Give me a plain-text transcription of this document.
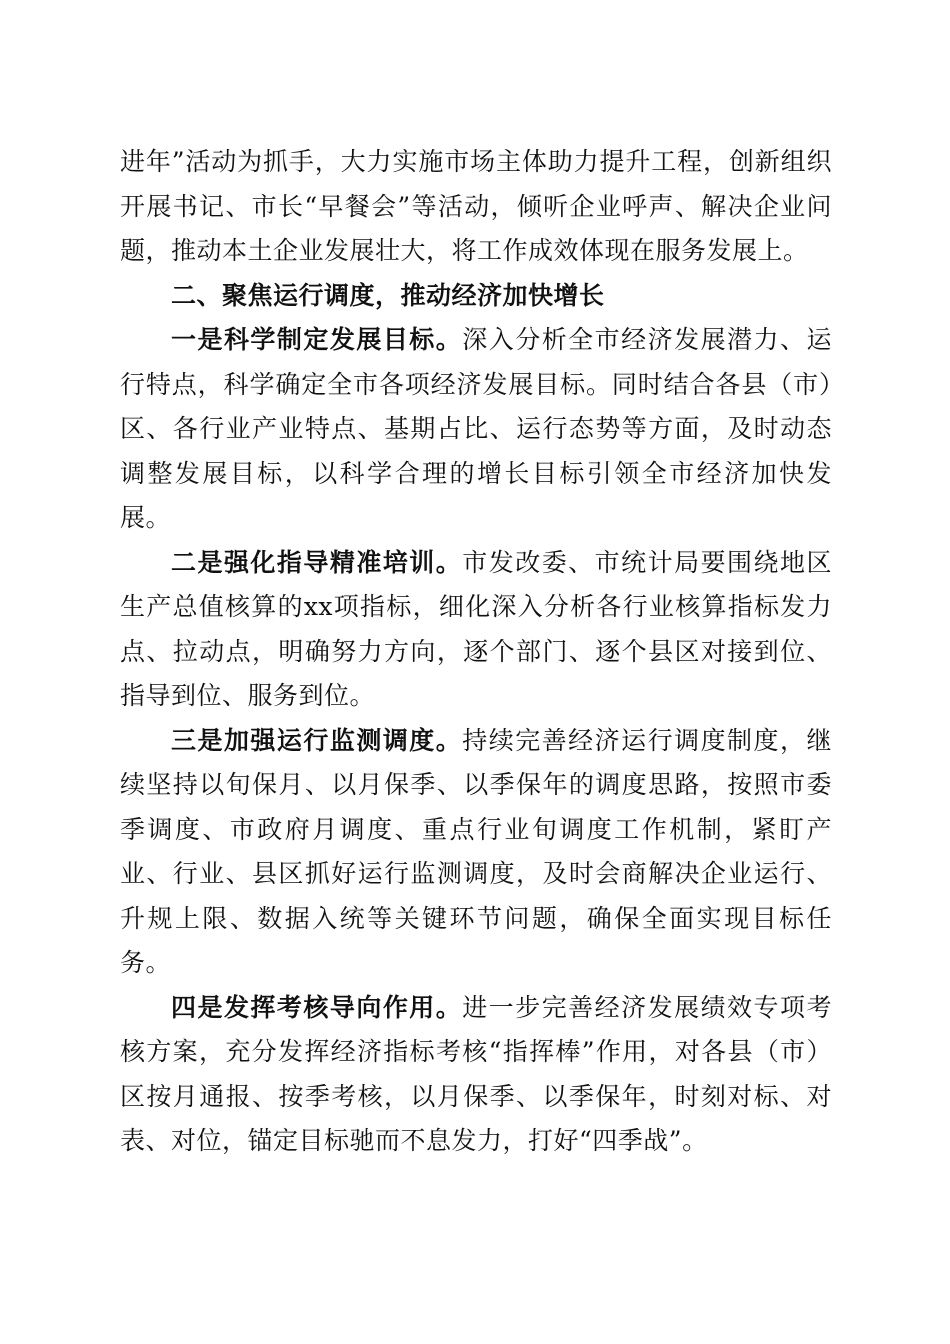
进年”活动为抓手，大力实施市场主体助力提升工程，创新组织开展书记、市长“早餐会”等活动，倾听企业呼声、解决企业问题，推动本土企业发展壮大，将工作成效体现在服务发展上。

二、聚焦运行调度，推动经济加快增长

一是科学制定发展目标。深入分析全市经济发展潜力、运行特点，科学确定全市各项经济发展目标。同时结合各县（市）区、各行业产业特点、基期占比、运行态势等方面，及时动态调整发展目标，以科学合理的增长目标引领全市经济加快发展。

二是强化指导精准培训。市发改委、市统计局要围绕地区生产总值核算的xx项指标，细化深入分析各行业核算指标发力点、拉动点，明确努力方向，逐个部门、逐个县区对接到位、指导到位、服务到位。

三是加强运行监测调度。持续完善经济运行调度制度，继续坚持以旬保月、以月保季、以季保年的调度思路，按照市委季调度、市政府月调度、重点行业旬调度工作机制，紧盯产业、行业、县区抓好运行监测调度，及时会商解决企业运行、升规上限、数据入统等关键环节问题，确保全面实现目标任务。

四是发挥考核导向作用。进一步完善经济发展绩效专项考核方案，充分发挥经济指标考核“指挥棒”作用，对各县（市）区按月通报、按季考核，以月保季、以季保年，时刻对标、对表、对位，锚定目标驰而不息发力，打好“四季战”。
